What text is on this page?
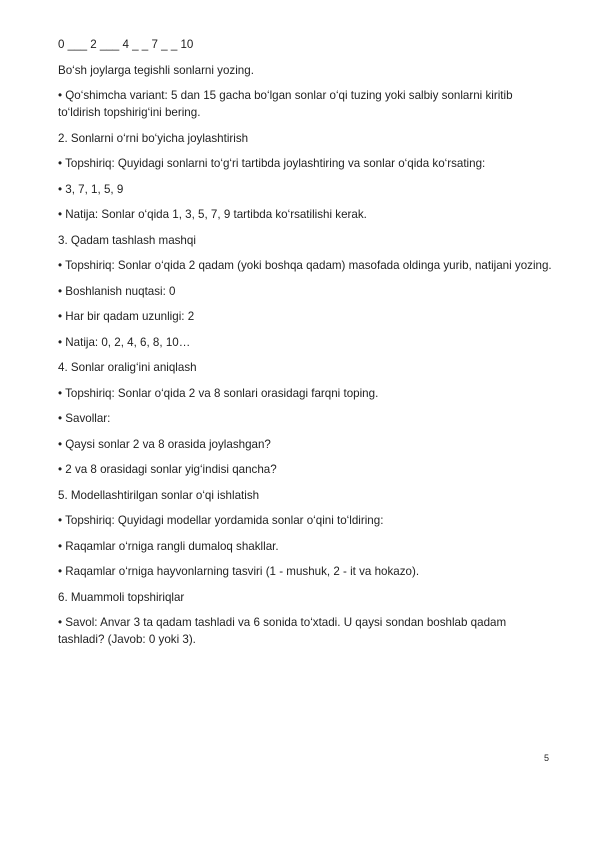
0 ___ 2 ___ 4 _ _ 7 _ _ 10
Bo‘sh joylarga tegishli sonlarni yozing.
• Qo‘shimcha variant: 5 dan 15 gacha bo‘lgan sonlar o‘qi tuzing yoki salbiy sonlarni kiritib to‘ldirish topshirig‘ini bering.
2. Sonlarni o‘rni bo‘yicha joylashtirish
• Topshiriq: Quyidagi sonlarni to‘g‘ri tartibda joylashtiring va sonlar o‘qida ko‘rsating:
• 3, 7, 1, 5, 9
• Natija: Sonlar o‘qida 1, 3, 5, 7, 9 tartibda ko‘rsatilishi kerak.
3. Qadam tashlash mashqi
• Topshiriq: Sonlar o‘qida 2 qadam (yoki boshqa qadam) masofada oldinga yurib, natijani yozing.
• Boshlanish nuqtasi: 0
• Har bir qadam uzunligi: 2
• Natija: 0, 2, 4, 6, 8, 10…
4. Sonlar oralig‘ini aniqlash
• Topshiriq: Sonlar o‘qida 2 va 8 sonlari orasidagi farqni toping.
• Savollar:
• Qaysi sonlar 2 va 8 orasida joylashgan?
• 2 va 8 orasidagi sonlar yig‘indisi qancha?
5. Modellashtirilgan sonlar o‘qi ishlatish
• Topshiriq: Quyidagi modellar yordamida sonlar o‘qini to‘ldiring:
• Raqamlar o‘rniga rangli dumaloq shakllar.
• Raqamlar o‘rniga hayvonlarning tasviri (1 - mushuk, 2 - it va hokazo).
6. Muammoli topshiriqlar
• Savol: Anvar 3 ta qadam tashladi va 6 sonida to‘xtadi. U qaysi sondan boshlab qadam tashladi? (Javob: 0 yoki 3).
5
